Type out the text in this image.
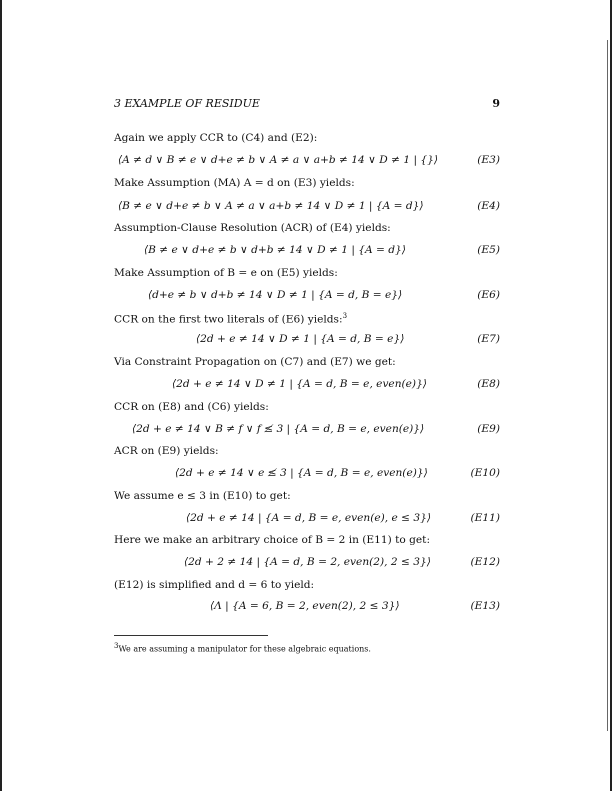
3 EXAMPLE OF RESIDUE	9
Again we apply CCR to (C4) and (E2):
⟨A ≠ d ∨ B ≠ e ∨ d+e ≠ b ∨ A ≠ a ∨ a+b ≠ 14 ∨ D ≠ 1 | {}⟩	(E3)
Make Assumption (MA) A = d on (E3) yields:
⟨B ≠ e ∨ d+e ≠ b ∨ A ≠ a ∨ a+b ≠ 14 ∨ D ≠ 1 | {A = d}⟩	(E4)
Assumption-Clause Resolution (ACR) of (E4) yields:
⟨B ≠ e ∨ d+e ≠ b ∨ d+b ≠ 14 ∨ D ≠ 1 | {A = d}⟩	(E5)
Make Assumption of B = e on (E5) yields:
⟨d+e ≠ b ∨ d+b ≠ 14 ∨ D ≠ 1 | {A = d, B = e}⟩	(E6)
CCR on the first two literals of (E6) yields:$^3$
⟨2d + e ≠ 14 ∨ D ≠ 1 | {A = d, B = e}⟩	(E7)
Via Constraint Propagation on (C7) and (E7) we get:
⟨2d + e ≠ 14 ∨ D ≠ 1 | {A = d, B = e, even(e)}⟩	(E8)
CCR on (E8) and (C6) yields:
⟨2d + e ≠ 14 ∨ B ≠ f ∨ f ≰ 3 | {A = d, B = e, even(e)}⟩	(E9)
ACR on (E9) yields:
⟨2d + e ≠ 14 ∨ e ≰ 3 | {A = d, B = e, even(e)}⟩	(E10)
We assume e ≤ 3 in (E10) to get:
⟨2d + e ≠ 14 | {A = d, B = e, even(e), e ≤ 3}⟩	(E11)
Here we make an arbitrary choice of B = 2 in (E11) to get:
⟨2d + 2 ≠ 14 | {A = d, B = 2, even(2), 2 ≤ 3}⟩	(E12)
(E12) is simplified and d = 6 to yield:
⟨Λ | {A = 6, B = 2, even(2), 2 ≤ 3}⟩	(E13)
$^3$We are assuming a manipulator for these algebraic equations.
